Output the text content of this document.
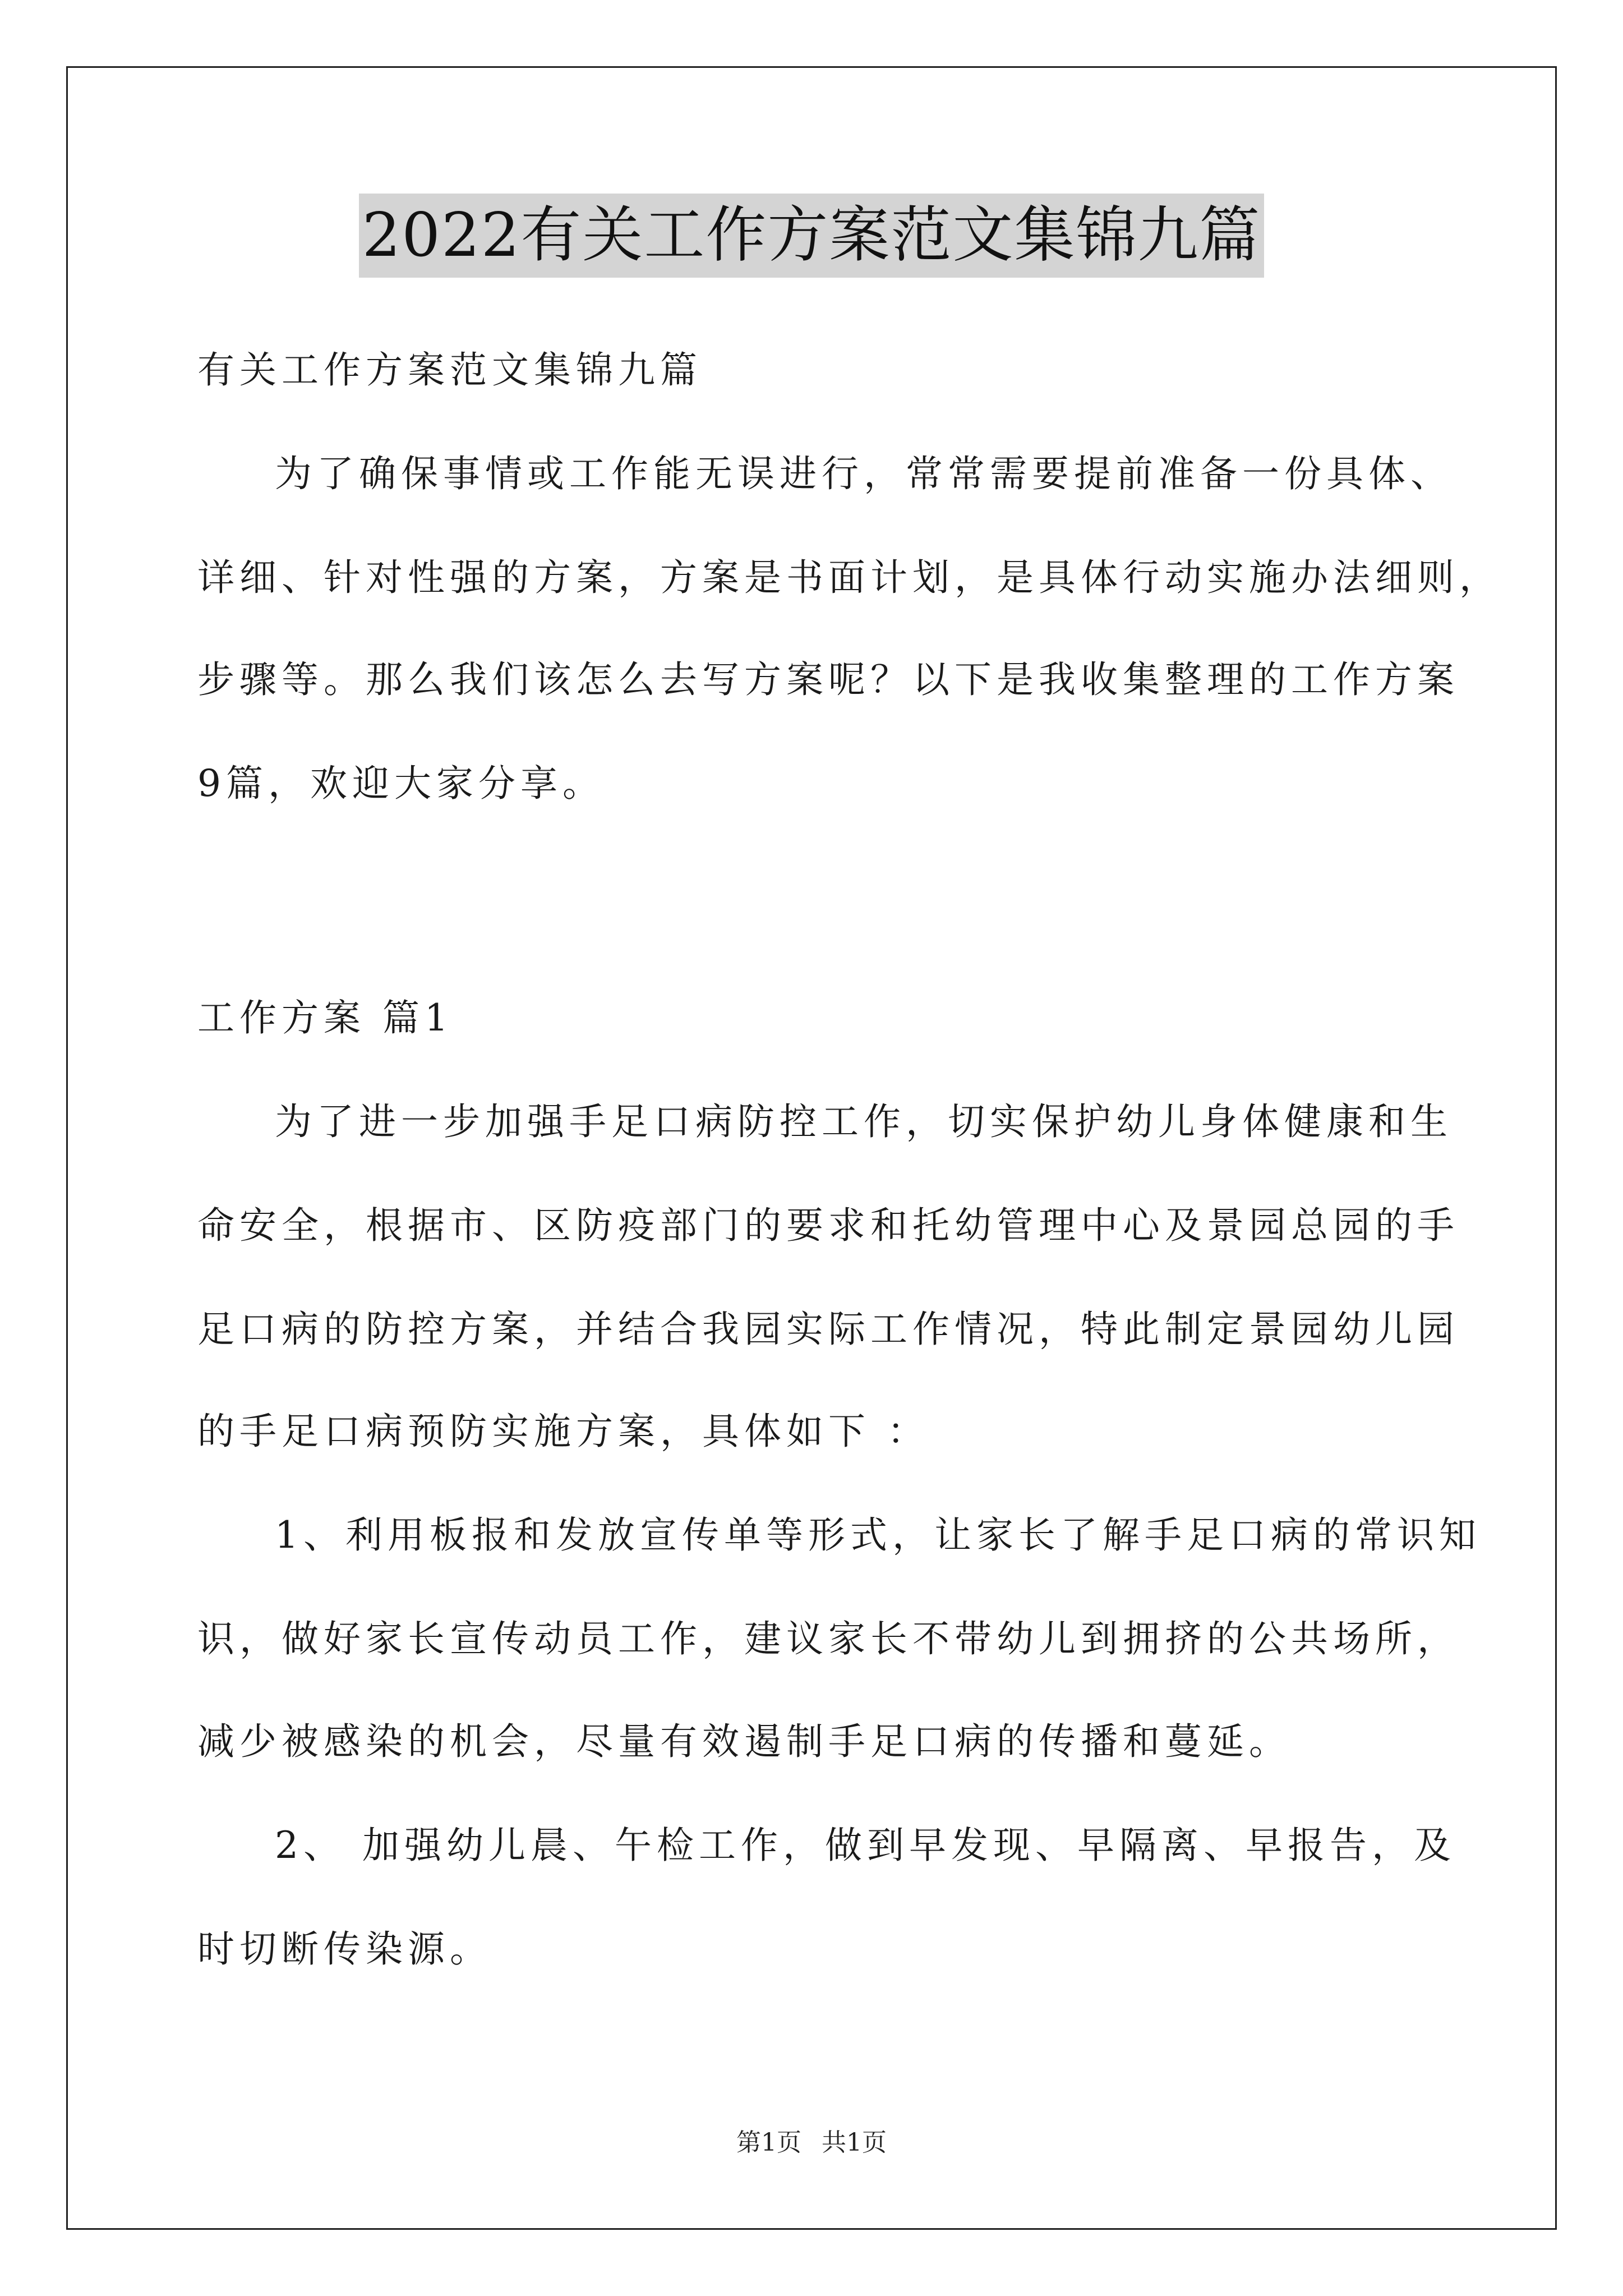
2022有关工作方案范文集锦九篇
有关工作方案范文集锦九篇
为了确保事情或工作能无误进行，常常需要提前准备一份具体、
详细、针对性强的方案，方案是书面计划，是具体行动实施办法细则，
步骤等。那么我们该怎么去写方案呢？以下是我收集整理的工作方案
9篇，欢迎大家分享。
工作方案 篇1
为了进一步加强手足口病防控工作，切实保护幼儿身体健康和生
命安全，根据市、区防疫部门的要求和托幼管理中心及景园总园的手
足口病的防控方案，并结合我园实际工作情况，特此制定景园幼儿园
的手足口病预防实施方案，具体如下 ：
1、利用板报和发放宣传单等形式，让家长了解手足口病的常识知
识，做好家长宣传动员工作，建议家长不带幼儿到拥挤的公共场所，
减少被感染的机会，尽量有效遏制手足口病的传播和蔓延。
2、 加强幼儿晨、午检工作，做到早发现、早隔离、早报告，及
时切断传染源。
第1页 共1页
